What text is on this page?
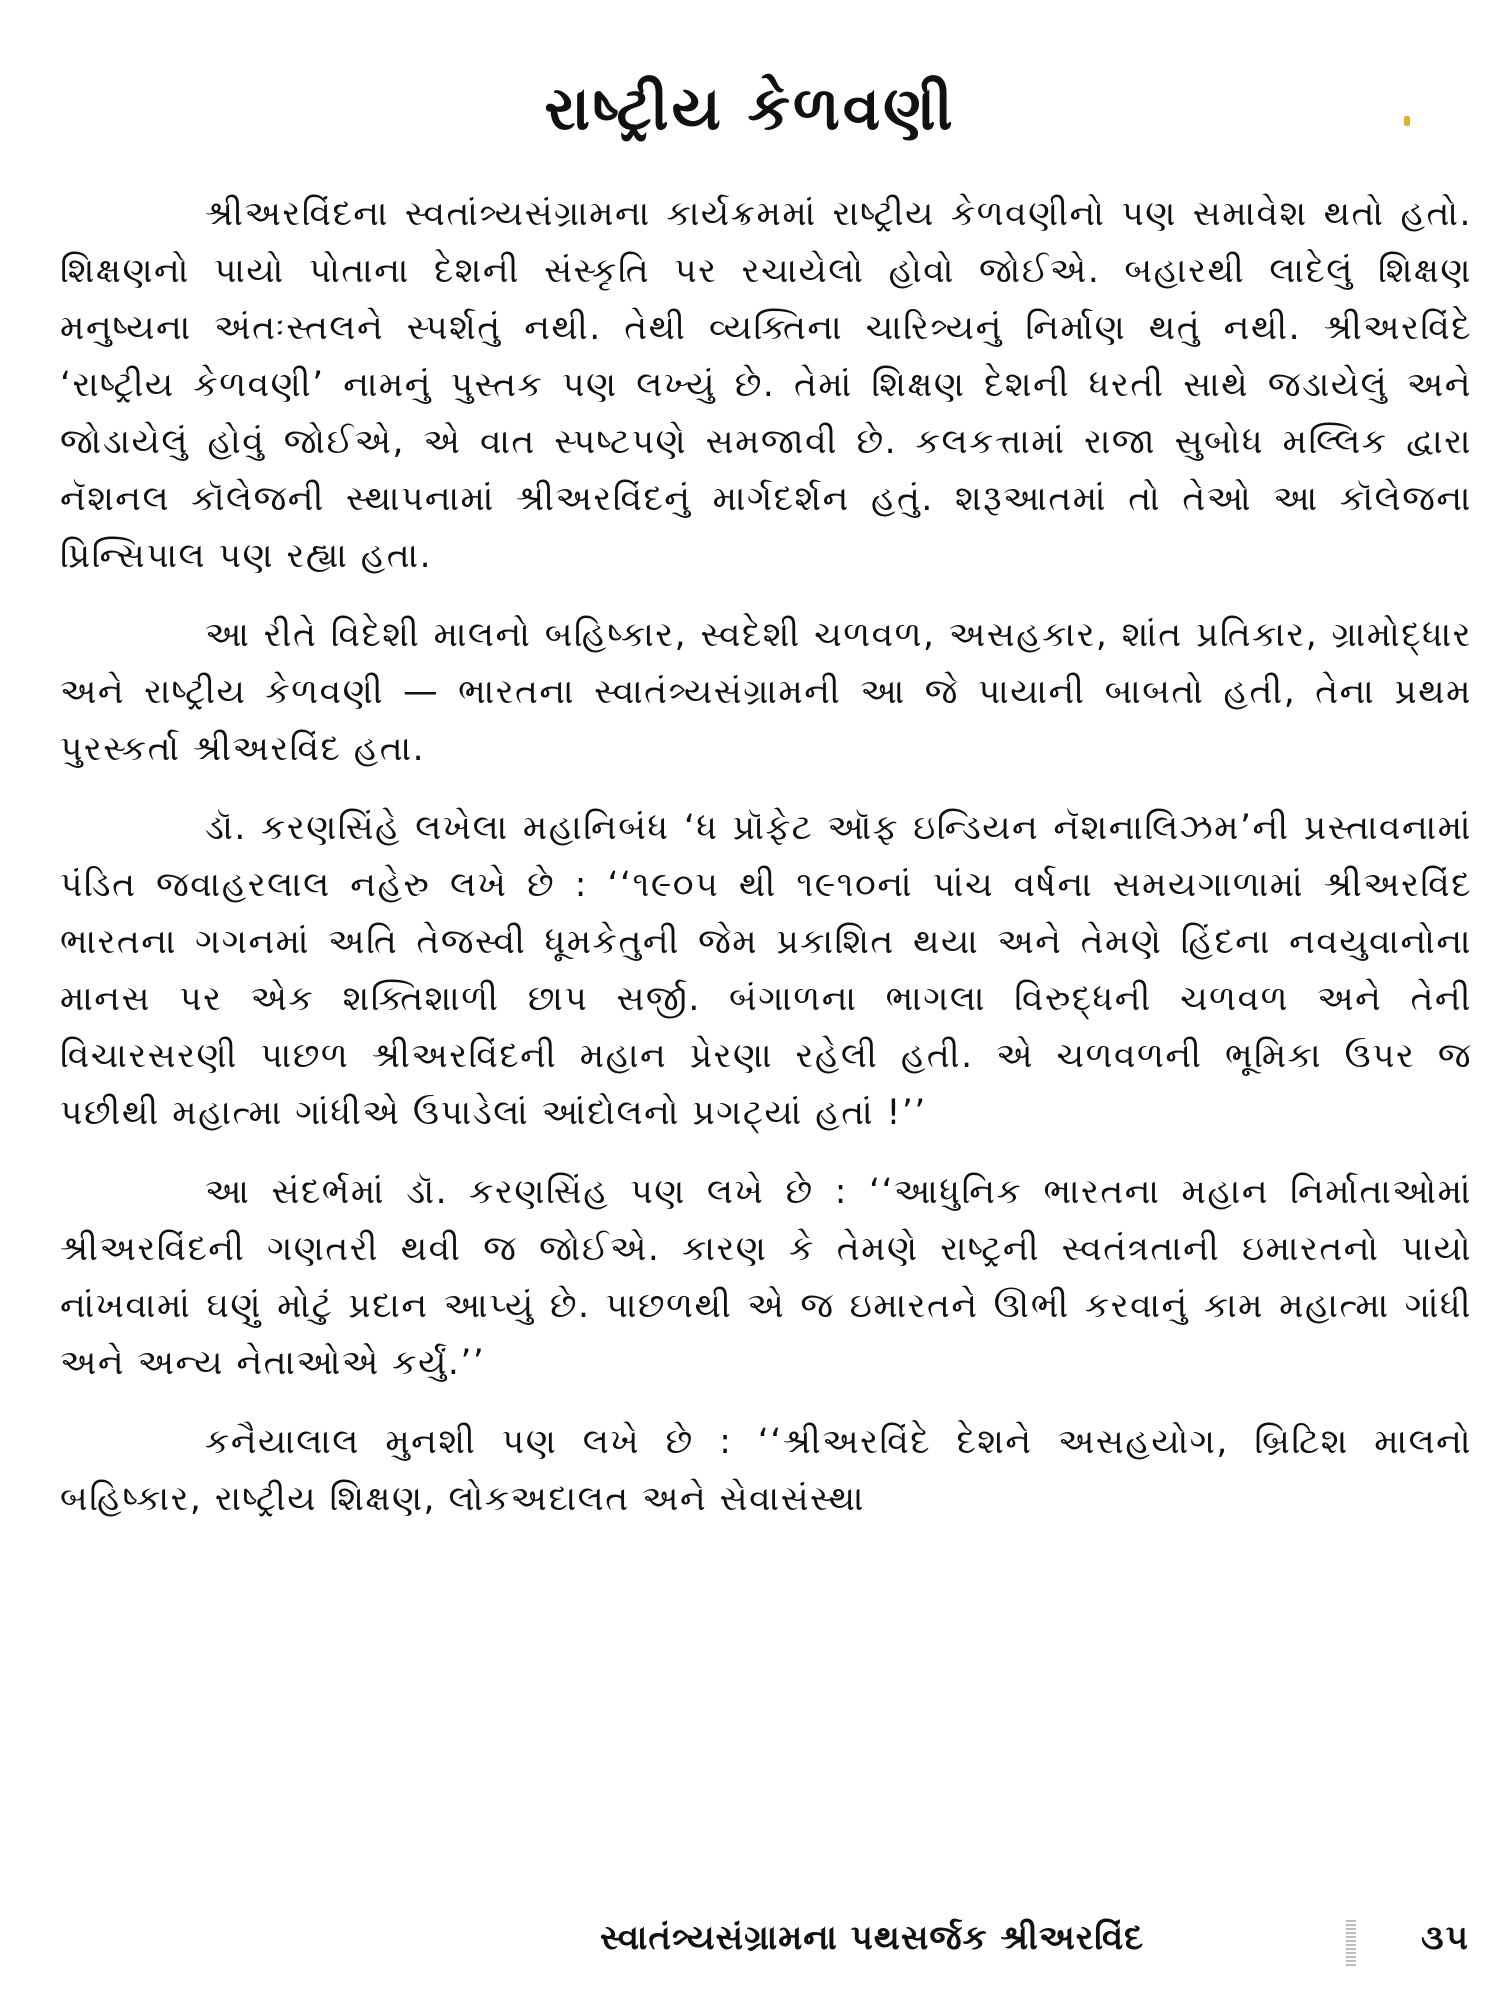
રાષ્ટ્રીય કેળવણી

શ્રીઅરવિંદના સ્વતાંત્ર્યસંગ્રામના કાર્યક્રમમાં રાષ્ટ્રીય કેળવણીનો પણ સમાવેશ થતો હતો. શિક્ષણનો પાયો પોતાના દેશની સંસ્કૃતિ પર રચાયેલો હોવો જોઈએ. બહારથી લાદેલું શિક્ષણ મનુષ્યના અંતઃસ્તલને સ્પર્શતું નથી. તેથી વ્યક્તિના ચારિત્ર્યનું નિર્માણ થતું નથી. શ્રીઅરવિંદે ‘રાષ્ટ્રીય કેળવણી’ નામનું પુસ્તક પણ લખ્યું છે. તેમાં શિક્ષણ દેશની ધરતી સાથે જડાયેલું અને જોડાયેલું હોવું જોઈએ, એ વાત સ્પષ્ટપણે સમજાવી છે. કલકત્તામાં રાજા સુબોધ મલ્લિક દ્વારા નૅશનલ કૉલેજની સ્થાપનામાં શ્રીઅરવિંદનું માર્ગદર્શન હતું. શરૂઆતમાં તો તેઓ આ કૉલેજના પ્રિન્સિપાલ પણ રહ્યા હતા.

આ રીતે વિદેશી માલનો બહિષ્કાર, સ્વદેશી ચળવળ, અસહકાર, શાંત પ્રતિકાર, ગ્રામોદ્ધાર અને રાષ્ટ્રીય કેળવણી — ભારતના સ્વાતંત્ર્યસંગ્રામની આ જે પાયાની બાબતો હતી, તેના પ્રથમ પુરસ્કર્તા શ્રીઅરવિંદ હતા.

ડૉ. કરણસિંહે લખેલા મહાનિબંધ ‘ધ પ્રૉફેટ ઑફ ઇન્ડિયન નૅશનાલિઝમ’ની પ્રસ્તાવનામાં પંડિત જવાહરલાલ નહેરુ લખે છે : ‘‘૧૯૦૫ થી ૧૯૧૦નાં પાંચ વર્ષના સમયગાળામાં શ્રીઅરવિંદ ભારતના ગગનમાં અતિ તેજસ્વી ધૂમકેતુની જેમ પ્રકાશિત થયા અને તેમણે હિંદના નવયુવાનોના માનસ પર એક શક્તિશાળી છાપ સર્જી. બંગાળના ભાગલા વિરુદ્ધની ચળવળ અને તેની વિચારસરણી પાછળ શ્રીઅરવિંદની મહાન પ્રેરણા રહેલી હતી. એ ચળવળની ભૂમિકા ઉપર જ પછીથી મહાત્મા ગાંધીએ ઉપાડેલાં આંદોલનો પ્રગટ્યાં હતાં !’’

આ સંદર્ભમાં ડૉ. કરણસિંહ પણ લખે છે : ‘‘આધુનિક ભારતના મહાન નિર્માતાઓમાં શ્રીઅરવિંદની ગણતરી થવી જ જોઈએ. કારણ કે તેમણે રાષ્ટ્રની સ્વતંત્રતાની ઇમારતનો પાયો નાંખવામાં ઘણું મોટું પ્રદાન આપ્યું છે. પાછળથી એ જ ઇમારતને ઊભી કરવાનું કામ મહાત્મા ગાંધી અને અન્ય નેતાઓએ કર્યું.’’

કનૈયાલાલ મુનશી પણ લખે છે : ‘‘શ્રીઅરવિંદે દેશને અસહયોગ, બ્રિટિશ માલનો બહિષ્કાર, રાષ્ટ્રીય શિક્ષણ, લોકઅદાલત અને સેવાસંસ્થા

સ્વાતંત્ર્યસંગ્રામના પથસર્જક શ્રીઅરવિંદ	૩૫
